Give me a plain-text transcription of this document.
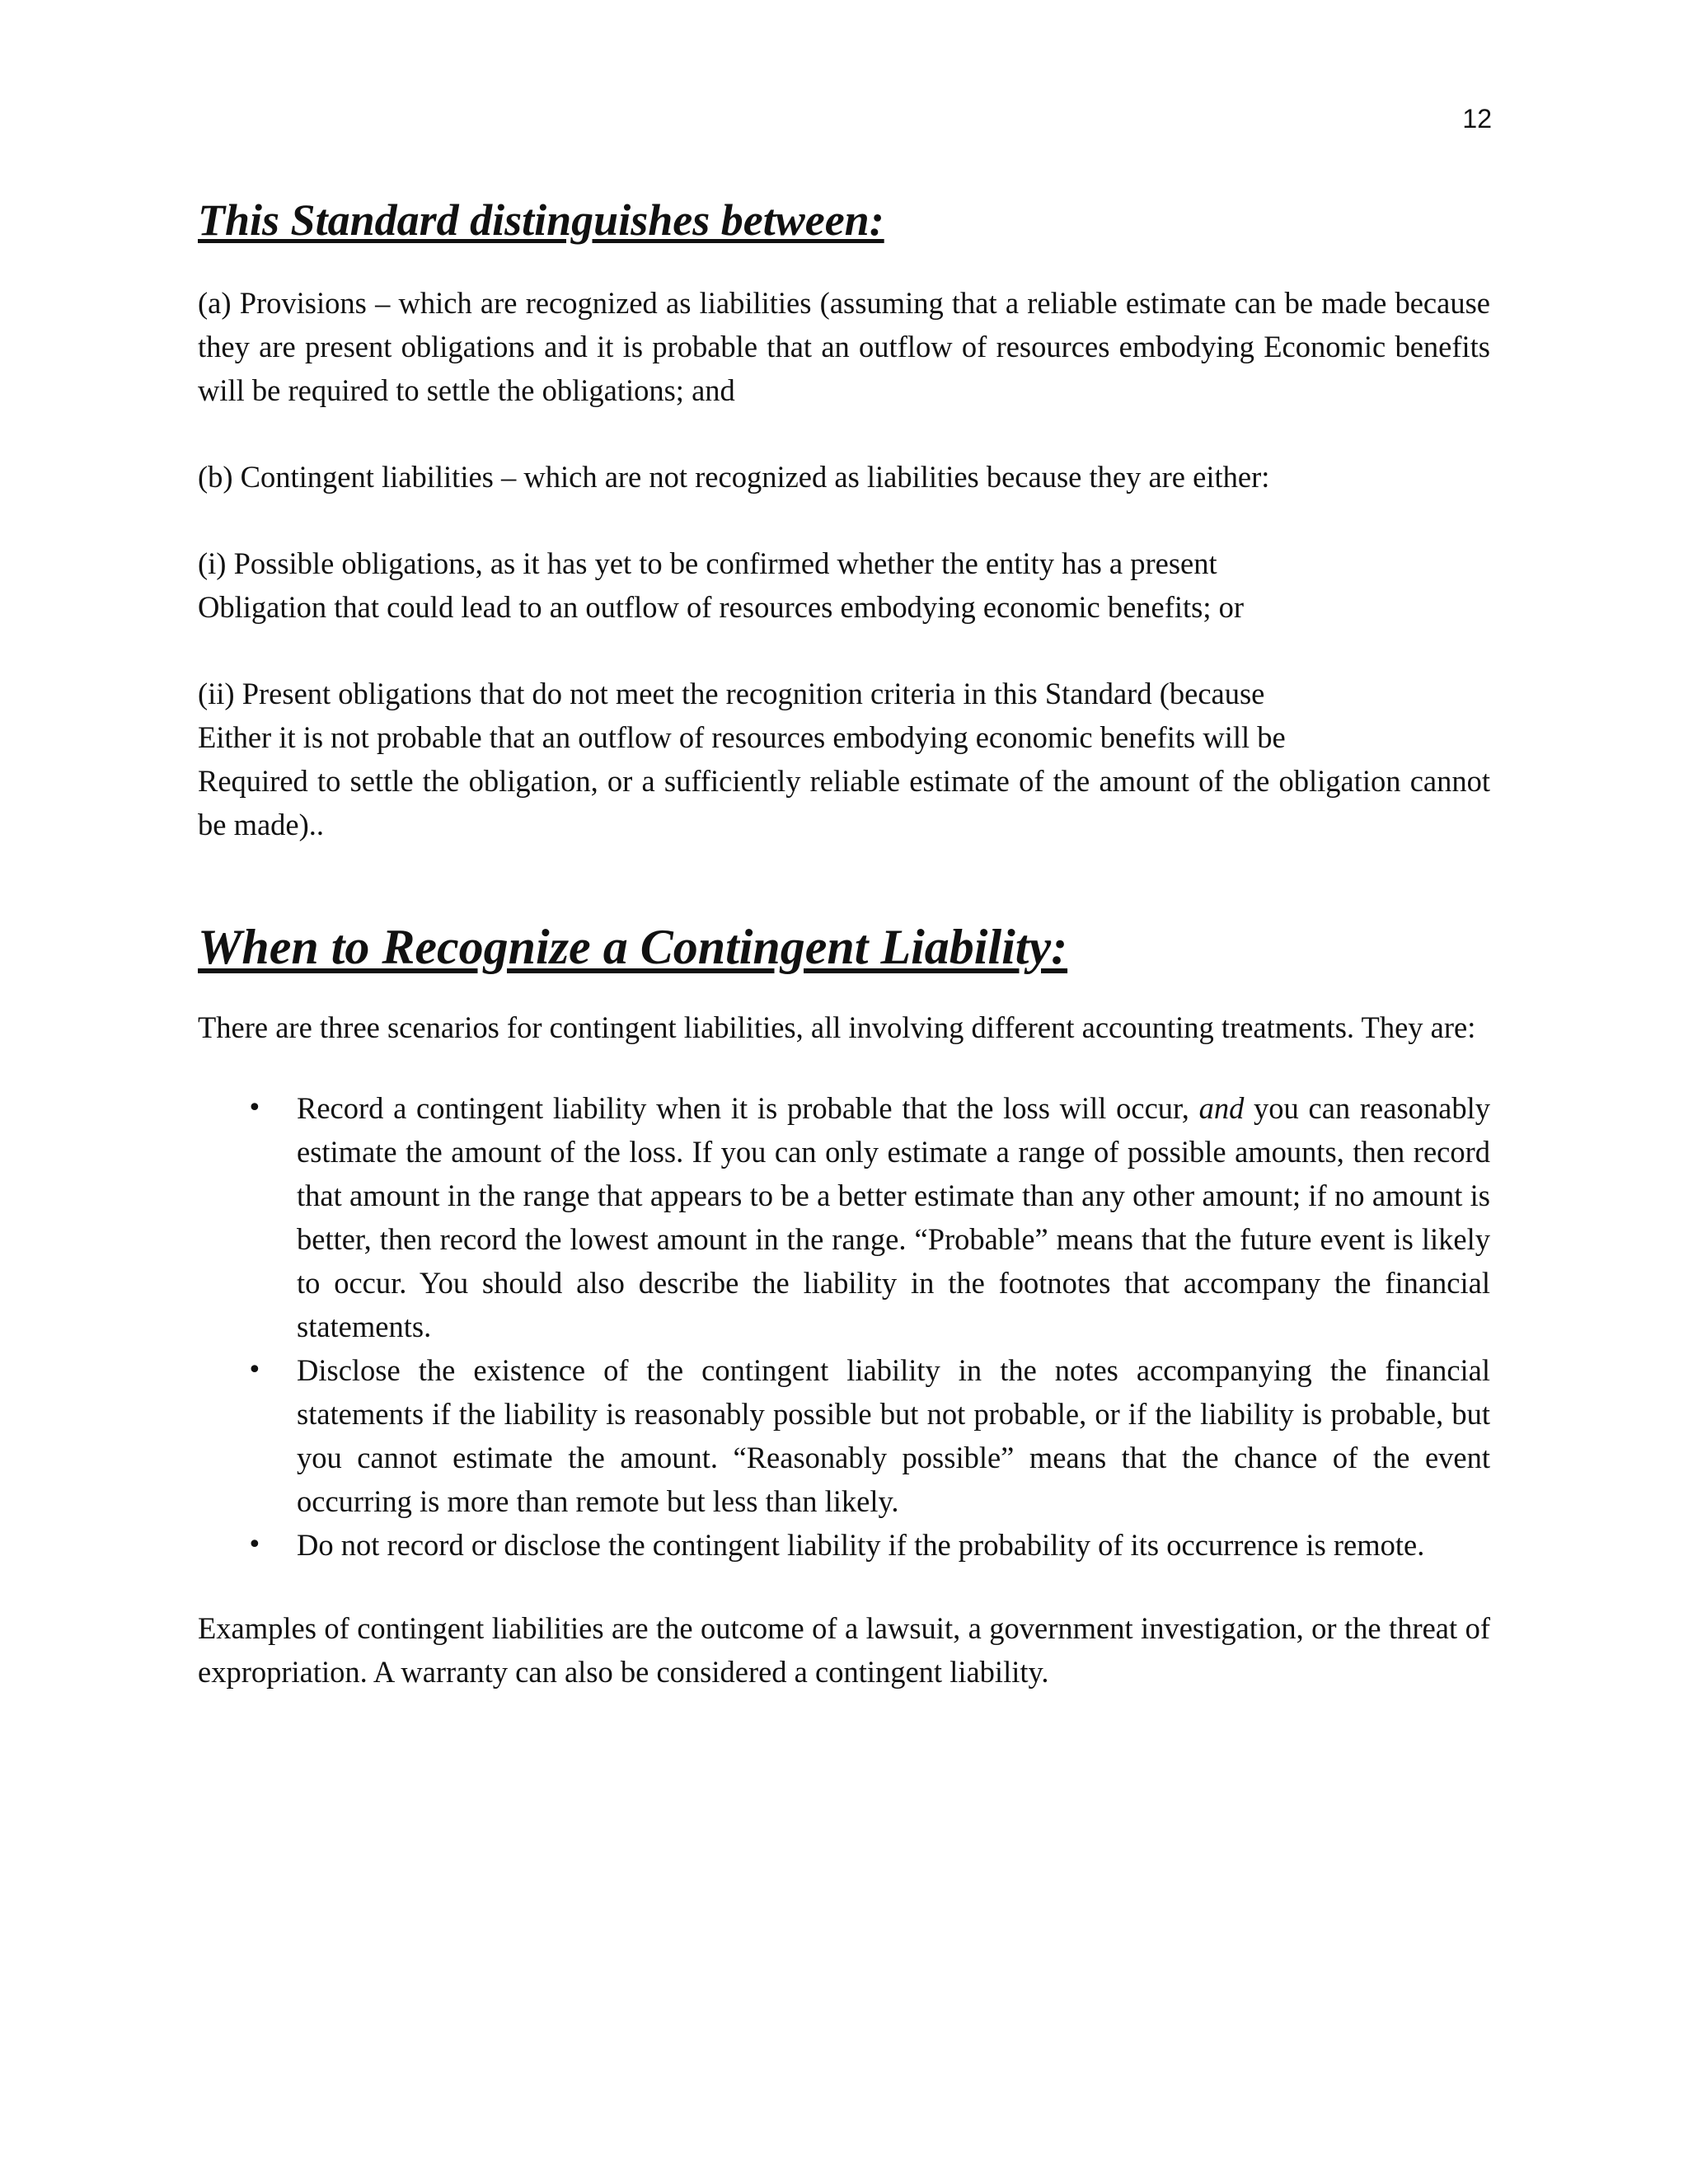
12
This Standard distinguishes between:

(a) Provisions – which are recognized as liabilities (assuming that a reliable estimate can be made because they are present obligations and it is probable that an outflow of resources embodying Economic benefits will be required to settle the obligations; and

(b) Contingent liabilities – which are not recognized as liabilities because they are either:

(i) Possible obligations, as it has yet to be confirmed whether the entity has a present

Obligation that could lead to an outflow of resources embodying economic benefits; or

(ii) Present obligations that do not meet the recognition criteria in this Standard (because

Either it is not probable that an outflow of resources embodying economic benefits will be

Required to settle the obligation, or a sufficiently reliable estimate of the amount of the obligation cannot be made)..

When to Recognize a Contingent Liability:

There are three scenarios for contingent liabilities, all involving different accounting treatments. They are:

• Record a contingent liability when it is probable that the loss will occur, and you can reasonably estimate the amount of the loss. If you can only estimate a range of possible amounts, then record that amount in the range that appears to be a better estimate than any other amount; if no amount is better, then record the lowest amount in the range. “Probable” means that the future event is likely to occur. You should also describe the liability in the footnotes that accompany the financial statements.
• Disclose the existence of the contingent liability in the notes accompanying the financial statements if the liability is reasonably possible but not probable, or if the liability is probable, but you cannot estimate the amount. “Reasonably possible” means that the chance of the event occurring is more than remote but less than likely.
• Do not record or disclose the contingent liability if the probability of its occurrence is remote.

Examples of contingent liabilities are the outcome of a lawsuit, a government investigation, or the threat of expropriation. A warranty can also be considered a contingent liability.
